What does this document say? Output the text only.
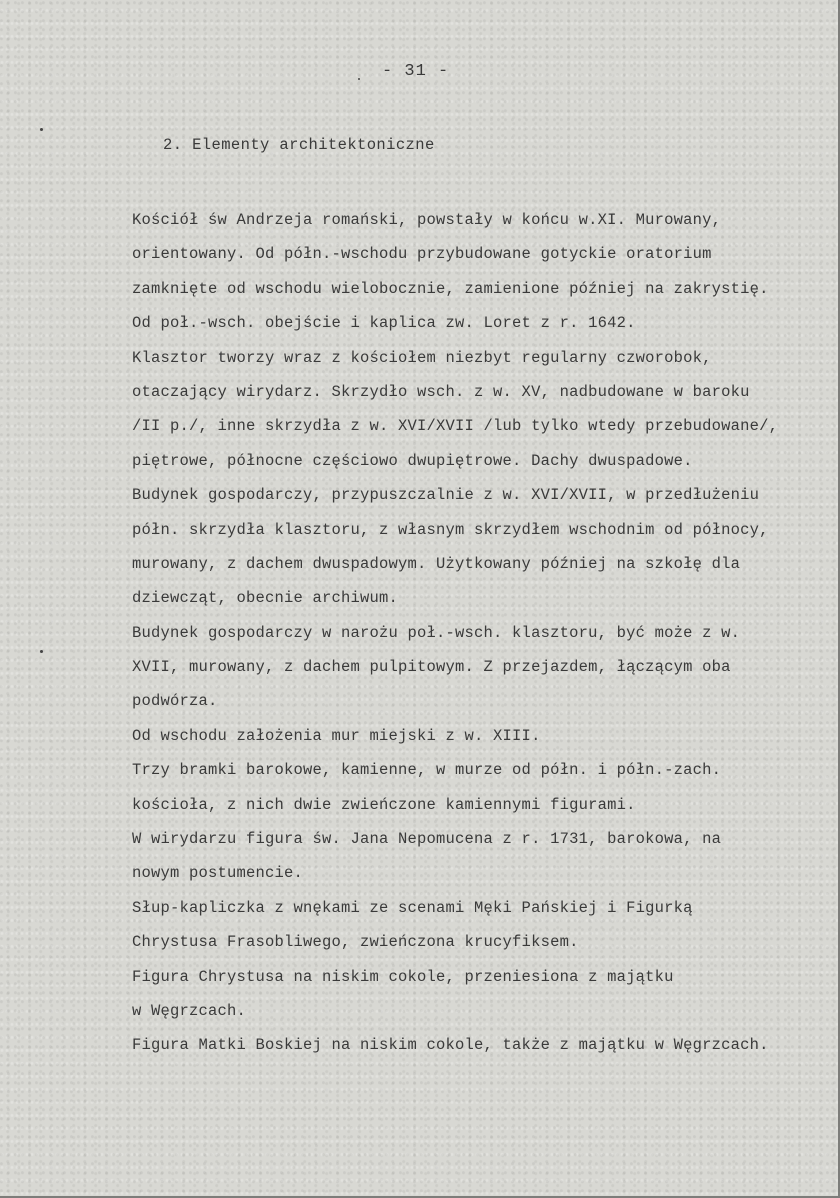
- 31 -
2. Elementy architektoniczne
Kościół św Andrzeja romański, powstały w końcu w.XI. Murowany,
orientowany. Od półn.-wschodu przybudowane gotyckie oratorium
zamknięte od wschodu wielobocznie, zamienione później na zakrystię.
Od poł.-wsch. obejście i kaplica zw. Loret z r. 1642.
Klasztor tworzy wraz z kościołem niezbyt regularny czworobok,
otaczający wirydarz. Skrzydło wsch. z w. XV, nadbudowane w baroku
/II p./, inne skrzydła z w. XVI/XVII /lub tylko wtedy przebudowane/,
piętrowe, północne częściowo dwupiętrowe. Dachy dwuspadowe.
Budynek gospodarczy, przypuszczalnie z w. XVI/XVII, w przedłużeniu
półn. skrzydła klasztoru, z własnym skrzydłem wschodnim od północy,
murowany, z dachem dwuspadowym. Użytkowany później na szkołę dla
dziewcząt, obecnie archiwum.
Budynek gospodarczy w narożu poł.-wsch. klasztoru, być może z w.
XVII, murowany, z dachem pulpitowym. Z przejazdem, łączącym oba
podwórza.
Od wschodu założenia mur miejski z w. XIII.
Trzy bramki barokowe, kamienne, w murze od półn. i półn.-zach.
kościoła, z nich dwie zwieńczone kamiennymi figurami.
W wirydarzu figura św. Jana Nepomucena z r. 1731, barokowa, na
nowym postumencie.
Słup-kapliczka z wnękami ze scenami Męki Pańskiej i Figurką
Chrystusa Frasobliwego, zwieńczona krucyfiksem.
Figura Chrystusa na niskim cokole, przeniesiona z majątku
w Węgrzcach.
Figura Matki Boskiej na niskim cokole, także z majątku w Węgrzcach.
